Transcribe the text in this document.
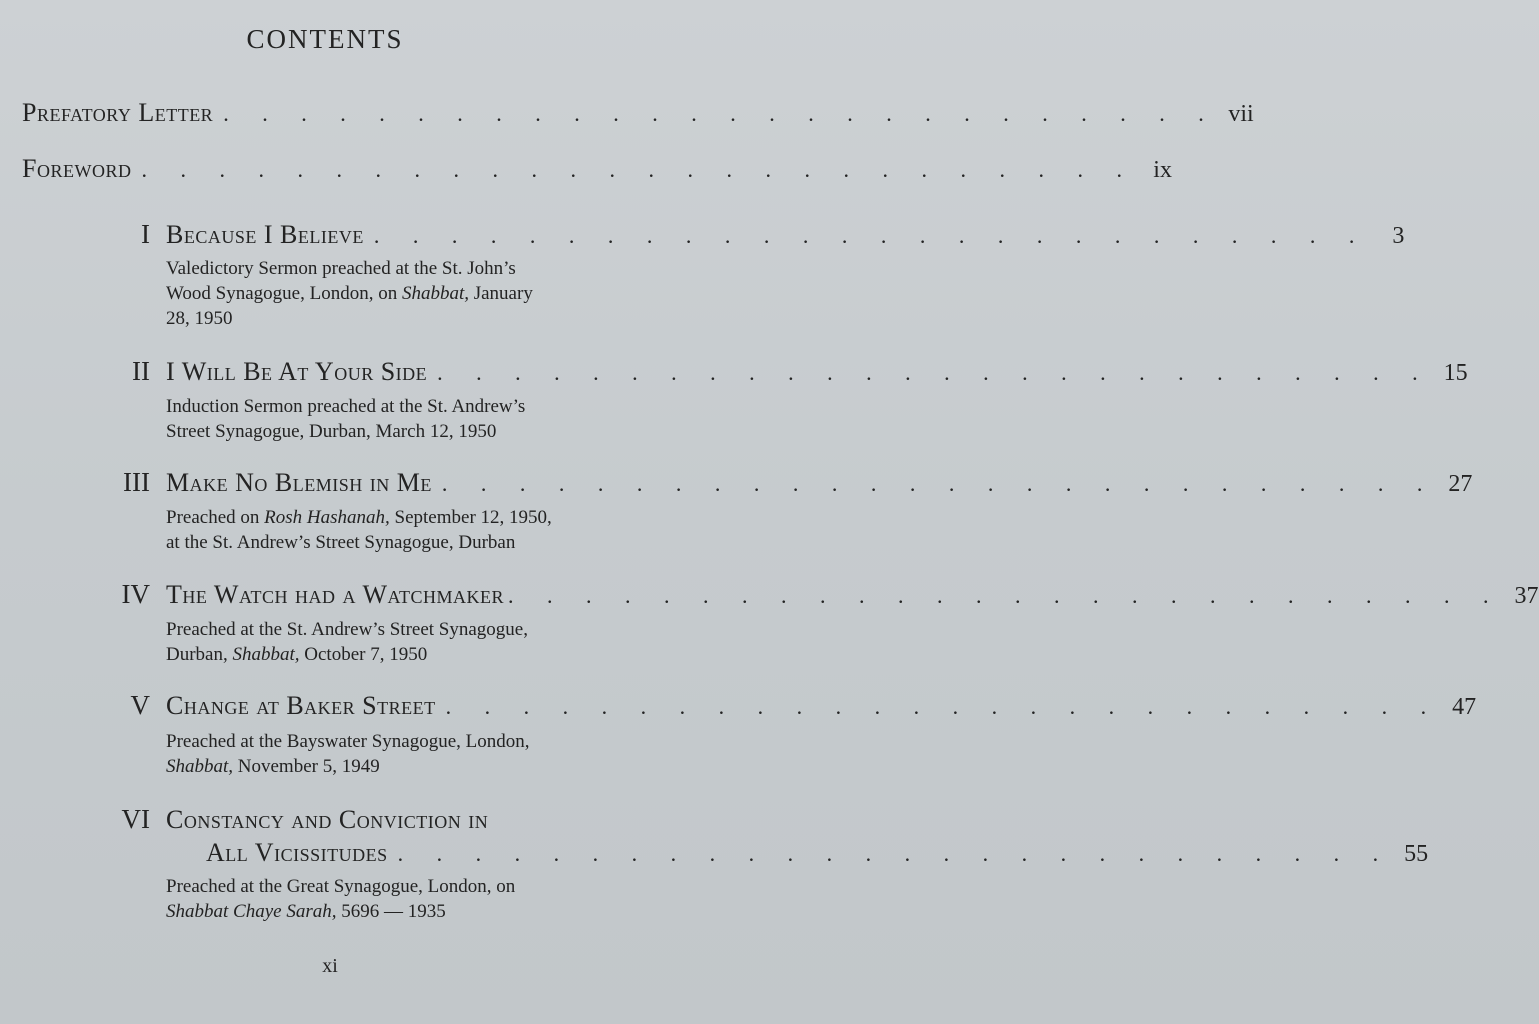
CONTENTS
Prefatory Letter . . . . . . . . . . . . . . . . . . . . . . . . . . vii
Foreword . . . . . . . . . . . . . . . . . . . . . . . . . . ix
I Because I Believe . . . . . . . . . . . . . . . . . . . . . . . . . .	3
Valedictory Sermon preached at the St. John’s
Wood Synagogue, London, on Shabbat, January
28, 1950
II I Will Be At Your Side . . . . . . . . . . . . . . . . . . . . . . . . . . 15
Induction Sermon preached at the St. Andrew’s
Street Synagogue, Durban, March 12, 1950
III Make No Blemish in Me . . . . . . . . . . . . . . . . . . . . . . . . . . 27
Preached on Rosh Hashanah, September 12, 1950,
at the St. Andrew’s Street Synagogue, Durban
IV The Watch had a Watchmaker . . . . . . . . . . . . . . . . . . . . . . . . . . 37
Preached at the St. Andrew’s Street Synagogue,
Durban, Shabbat, October 7, 1950
V Change at Baker Street . . . . . . . . . . . . . . . . . . . . . . . . . . 47
Preached at the Bayswater Synagogue, London,
Shabbat, November 5, 1949
VI Constancy and Conviction in
All Vicissitudes . . . . . . . . . . . . . . . . . . . . . . . . . . 55
Preached at the Great Synagogue, London, on
Shabbat Chaye Sarah, 5696 — 1935
xi
